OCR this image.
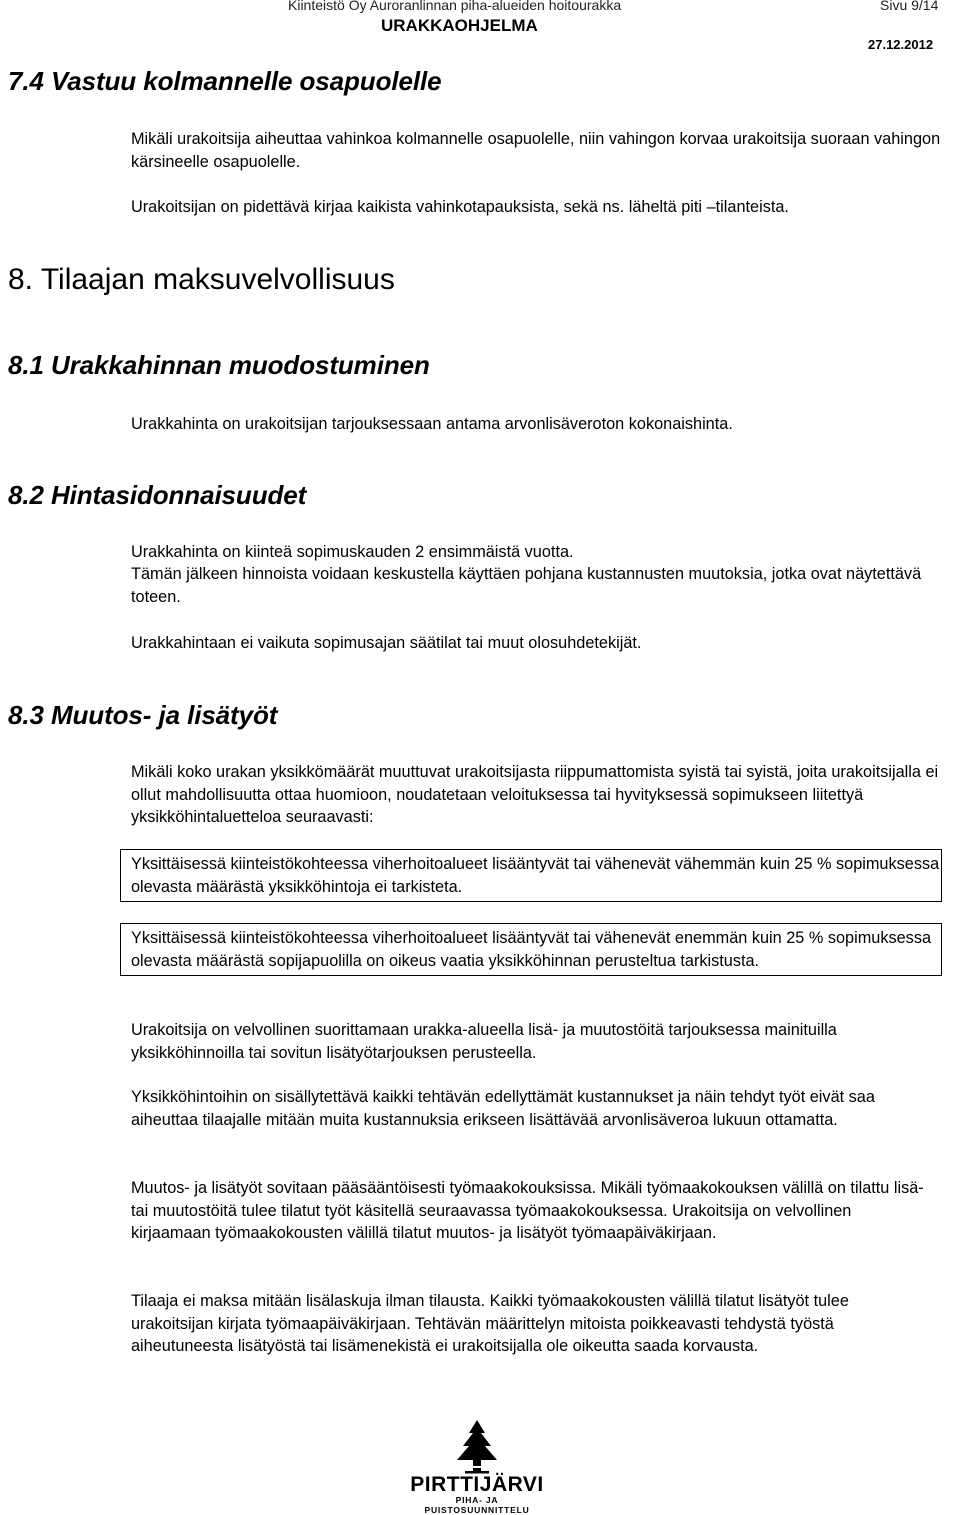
Kiinteistö Oy Auroranlinnan piha-alueiden hoitourakka	Sivu 9/14
URAKKAOHJELMA
27.12.2012
7.4 Vastuu kolmannelle osapuolelle

Mikäli urakoitsija aiheuttaa vahinkoa kolmannelle osapuolelle, niin vahingon korvaa urakoitsija suoraan vahingon kärsineelle osapuolelle.

Urakoitsijan on pidettävä kirjaa kaikista vahinkotapauksista, sekä ns. läheltä piti –tilanteista.

8. Tilaajan maksuvelvollisuus
8.1 Urakkahinnan muodostuminen

Urakkahinta on urakoitsijan tarjouksessaan antama arvonlisäveroton kokonaishinta.

8.2 Hintasidonnaisuudet

Urakkahinta on kiinteä sopimuskauden 2 ensimmäistä vuotta.

Tämän jälkeen hinnoista voidaan keskustella käyttäen pohjana kustannusten muutoksia, jotka ovat näytettävä toteen.

Urakkahintaan ei vaikuta sopimusajan säätilat tai muut olosuhdetekijät.

8.3 Muutos- ja lisätyöt

Mikäli koko urakan yksikkömäärät muuttuvat urakoitsijasta riippumattomista syistä tai syistä, joita urakoitsijalla ei ollut mahdollisuutta ottaa huomioon, noudatetaan veloituksessa tai hyvityksessä sopimukseen liitettyä yksikköhintaluetteloa seuraavasti:

Yksittäisessä kiinteistökohteessa viherhoitoalueet lisääntyvät tai vähenevät vähemmän kuin 25 % sopimuksessa olevasta määrästä yksikköhintoja ei tarkisteta.
Yksittäisessä kiinteistökohteessa viherhoitoalueet lisääntyvät tai vähenevät enemmän kuin 25 % sopimuksessa olevasta määrästä sopijapuolilla on oikeus vaatia yksikköhinnan perusteltua tarkistusta.

Urakoitsija on velvollinen suorittamaan urakka-alueella lisä- ja muutostöitä tarjouksessa mainituilla yksikköhinnoilla tai sovitun lisätyötarjouksen perusteella.

Yksikköhintoihin on sisällytettävä kaikki tehtävän edellyttämät kustannukset ja näin tehdyt työt eivät saa aiheuttaa tilaajalle mitään muita kustannuksia erikseen lisättävää arvonlisäveroa lukuun ottamatta.

Muutos- ja lisätyöt sovitaan pääsääntöisesti työmaakokouksissa. Mikäli työmaakokouksen välillä on tilattu lisä- tai muutostöitä tulee tilatut työt käsitellä seuraavassa työmaakokouksessa. Urakoitsija on velvollinen kirjaamaan työmaakokousten välillä tilatut muutos- ja lisätyöt työmaapäiväkirjaan.

Tilaaja ei maksa mitään lisälaskuja ilman tilausta. Kaikki työmaakokousten välillä tilatut lisätyöt tulee urakoitsijan kirjata työmaapäiväkirjaan. Tehtävän määrittelyn mitoista poikkeavasti tehdystä työstä aiheutuneesta lisätyöstä tai lisämenekistä ei urakoitsijalla ole oikeutta saada korvausta.

PIRTTIJÄRVI
PIHA- JA PUISTOSUUNNITTELU
